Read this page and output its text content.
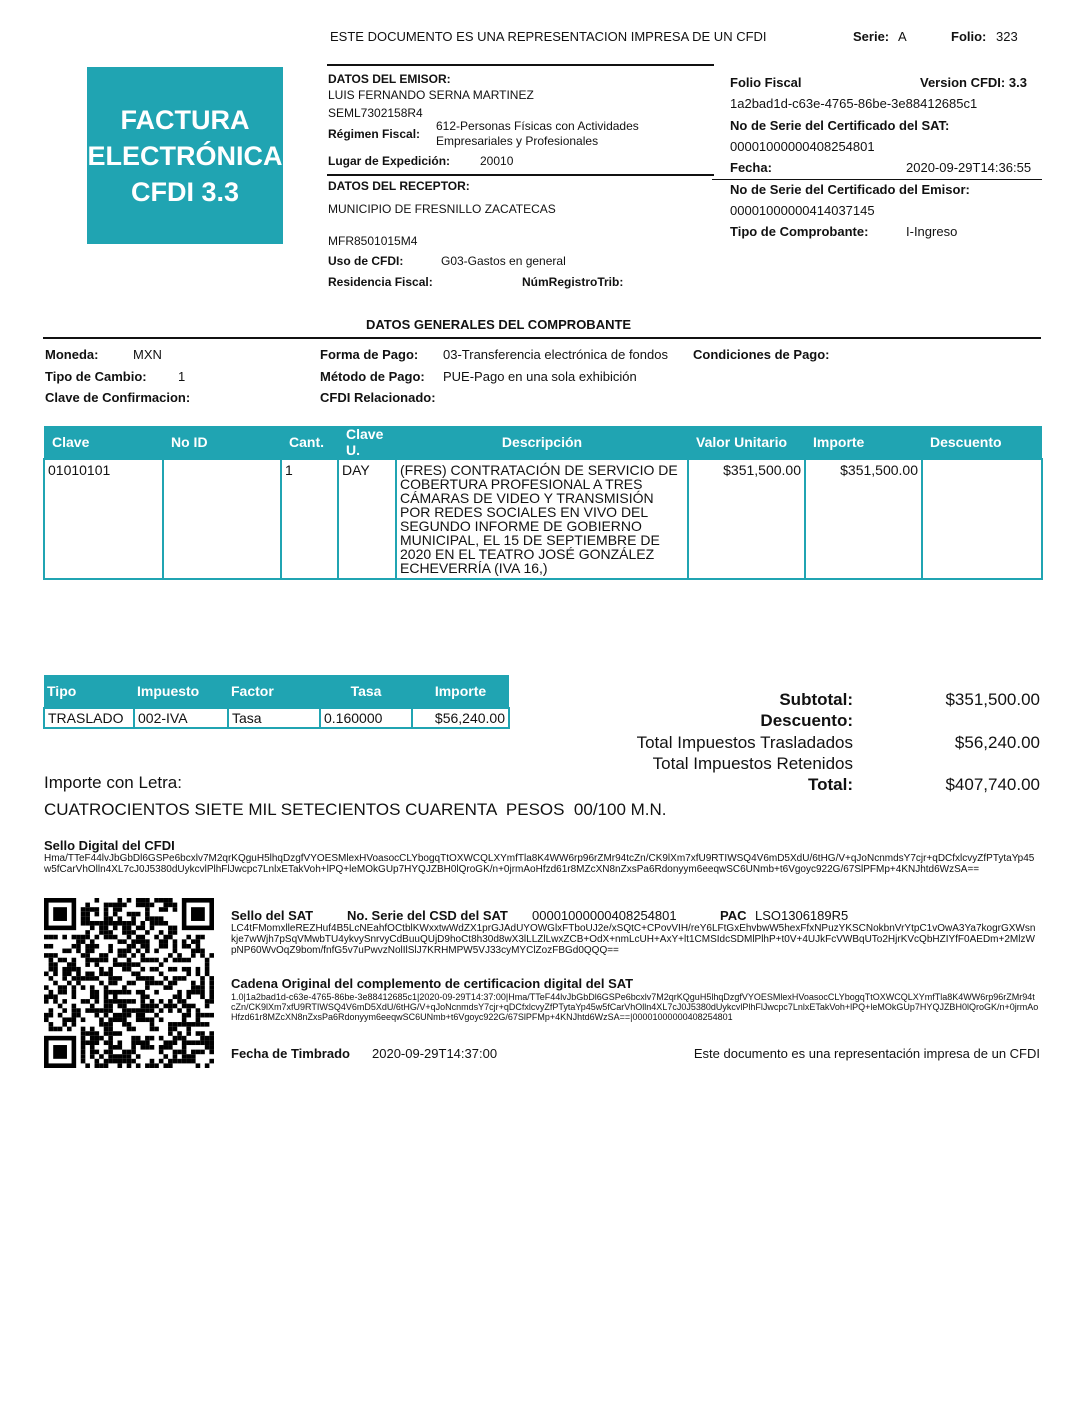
ESTE DOCUMENTO ES UNA REPRESENTACION IMPRESA DE UN CFDI	Serie: A	Folio: 323
FACTURA
ELECTRÓNICA
CFDI 3.3
DATOS DEL EMISOR:
LUIS FERNANDO SERNA MARTINEZ
SEML7302158R4
Régimen Fiscal:
612-Personas Físicas con Actividades
Empresariales y Profesionales
Lugar de Expedición: 20010
DATOS DEL RECEPTOR:
MUNICIPIO DE FRESNILLO ZACATECAS
MFR8501015M4
Uso de CFDI:	G03-Gastos en general
Residencia Fiscal:	NúmRegistroTrib:
Folio Fiscal	Version CFDI: 3.3
1a2bad1d-c63e-4765-86be-3e88412685c1
No de Serie del Certificado del SAT:
00001000000408254801
Fecha:	2020-09-29T14:36:55
No de Serie del Certificado del Emisor:
00001000000414037145
Tipo de Comprobante:	I-Ingreso
DATOS GENERALES DEL COMPROBANTE
Moneda:	MXN
Tipo de Cambio: 1
Clave de Confirmacion:
Forma de Pago: 03-Transferencia electrónica de fondos
Método de Pago: PUE-Pago en una sola exhibición
CFDI Relacionado:
Condiciones de Pago:
Clave	No ID	Cant.	Clave U.	Descripción	Valor Unitario	Importe	Descuento
01010101		1	DAY	(FRES) CONTRATACIÓN DE SERVICIO DE COBERTURA PROFESIONAL A TRES CÁMARAS DE VIDEO Y TRANSMISIÓN POR REDES SOCIALES EN VIVO DEL SEGUNDO INFORME DE GOBIERNO MUNICIPAL, EL 15 DE SEPTIEMBRE DE 2020 EN EL TEATRO JOSÉ GONZÁLEZ ECHEVERRÍA (IVA 16,)	$351,500.00	$351,500.00	
Tipo	Impuesto	Factor	Tasa	Importe
TRASLADO	002-IVA	Tasa	0.160000	$56,240.00
Subtotal:	$351,500.00
Descuento:
Total Impuestos Trasladados	$56,240.00
Total Impuestos Retenidos
Total:	$407,740.00
Importe con Letra:
CUATROCIENTOS SIETE MIL SETECIENTOS CUARENTA  PESOS  00/100 M.N.
Sello Digital del CFDI
Hma/TTeF44lvJbGbDl6GSPe6bcxlv7M2qrKQguH5lhqDzgfVYOESMlexHVoasocCLYbogqTtOXWCQLXYmfTla8K4WW6rp96rZMr94tcZn/CK9lXm7xfU9RTIWSQ4V6mD5XdU/6tHG/V+qJoNcnmdsY7cjr+qDCfxlcvyZfPTytaYp45w5fCarVhOlln4XL7cJ0J5380dUykcvlPlhFlJwcpc7LnlxETakVoh+lPQ+leMOkGUp7HYQJZBH0lQroGK/n+0jrmAoHfzd61r8MZcXN8nZxsPa6Rdonyym6eeqwSC6UNmb+t6Vgoyc922G/67SlPFMp+4KNJhtd6WzSA==
Sello del SAT	No. Serie del CSD del SAT 00001000000408254801	PAC LSO1306189R5
LC4tFMomxlleREZHuf4B5LcNEahfOCtblKWxxtwWdZX1prGJAdUYOWGlxFTboUJ2e/xSQtC+CPovVIH/reY6LFtGxEhvbwW5hexFfxNPuzYKSCNokbnVrYtpC1vOwA3Ya7kogrGXWsnkje7wWjh7pSqVMwbTU4ykvySnrvyCdBuuQUjD9hoCt8h30d8wX3lLLZlLwxZCB+OdX+nmLcUH+AxY+lt1CMSIdcSDMlPlhP+t0V+4UJkFcVWBqUTo2HjrKVcQbHZIYfF0AEDm+2MlzWpNP60WvOqZ9bom/fnfG5v7uPwvzNolIlSlJ7KRHMPW5VJ33cyMYClZozFBGd0QQQ==
Cadena Original del complemento de certificacion digital del SAT
1.0|1a2bad1d-c63e-4765-86be-3e88412685c1|2020-09-29T14:37:00|Hma/TTeF44lvJbGbDl6GSPe6bcxlv7M2qrKQguH5lhqDzgfVYOESMlexHVoasocCLYbogqTtOXWCQLXYmfTla8K4WW6rp96rZMr94tcZn/CK9lXm7xfU9RTIWSQ4V6mD5XdU/6tHG/V+qJoNcnmdsY7cjr+qDCfxlcvyZfPTytaYp45w5fCarVhOlln4XL7cJ0J5380dUykcvlPlhFlJwcpc7LnlxETakVoh+lPQ+leMOkGUp7HYQJZBH0lQroGK/n+0jrmAoHfzd61r8MZcXN8nZxsPa6Rdonyym6eeqwSC6UNmb+t6Vgoyc922G/67SlPFMp+4KNJhtd6WzSA==|00001000000408254801
Fecha de Timbrado 2020-09-29T14:37:00	Este documento es una representación impresa de un CFDI
